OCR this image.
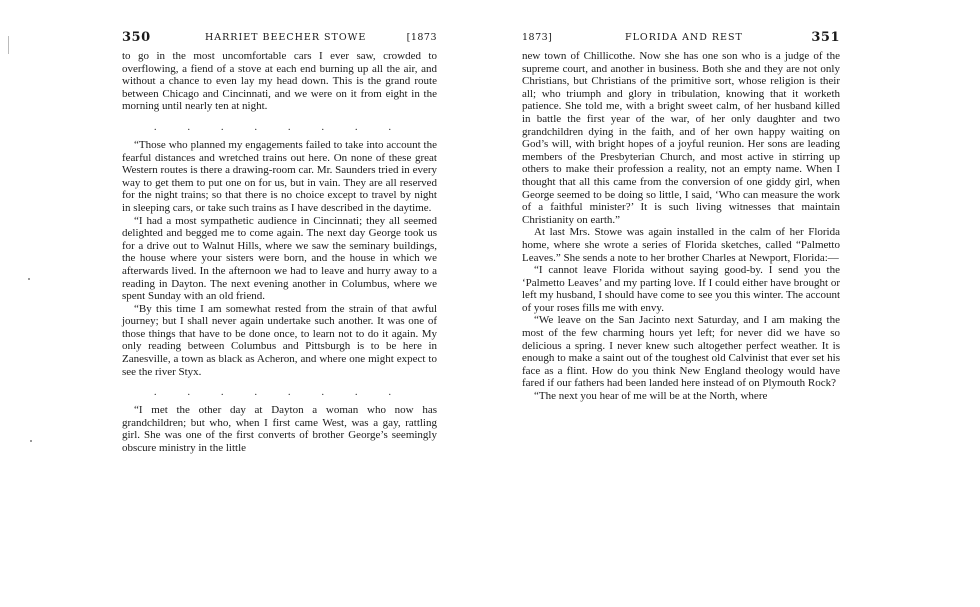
350	HARRIET BEECHER STOWE	[1873

to go in the most uncomfortable cars I ever saw, crowded to overflowing, a fiend of a stove at each end burning up all the air, and without a chance to even lay my head down. This is the grand route between Chicago and Cincinnati, and we were on it from eight in the morning until nearly ten at night.

. . . . . . . .

“Those who planned my engagements failed to take into account the fearful distances and wretched trains out here. On none of these great Western routes is there a drawing-room car. Mr. Saunders tried in every way to get them to put one on for us, but in vain. They are all reserved for the night trains; so that there is no choice except to travel by night in sleeping cars, or take such trains as I have described in the daytime.

“I had a most sympathetic audience in Cincinnati; they all seemed delighted and begged me to come again. The next day George took us for a drive out to Walnut Hills, where we saw the seminary buildings, the house where your sisters were born, and the house in which we afterwards lived. In the afternoon we had to leave and hurry away to a reading in Dayton. The next evening another in Columbus, where we spent Sunday with an old friend.

“By this time I am somewhat rested from the strain of that awful journey; but I shall never again undertake such another. It was one of those things that have to be done once, to learn not to do it again. My only reading between Columbus and Pittsburgh is to be here in Zanesville, a town as black as Acheron, and where one might expect to see the river Styx.

. . . . . . . .

“I met the other day at Dayton a woman who now has grandchildren; but who, when I first came West, was a gay, rattling girl. She was one of the first converts of brother George’s seemingly obscure ministry in the little

1873]	FLORIDA AND REST	351

new town of Chillicothe. Now she has one son who is a judge of the supreme court, and another in business. Both she and they are not only Christians, but Christians of the primitive sort, whose religion is their all; who triumph and glory in tribulation, knowing that it worketh patience. She told me, with a bright sweet calm, of her husband killed in battle the first year of the war, of her only daughter and two grandchildren dying in the faith, and of her own happy waiting on God’s will, with bright hopes of a joyful reunion. Her sons are leading members of the Presbyterian Church, and most active in stirring up others to make their profession a reality, not an empty name. When I thought that all this came from the conversion of one giddy girl, when George seemed to be doing so little, I said, ‘Who can measure the work of a faithful minister?’ It is such living witnesses that maintain Christianity on earth.”

At last Mrs. Stowe was again installed in the calm of her Florida home, where she wrote a series of Florida sketches, called “Palmetto Leaves.” She sends a note to her brother Charles at Newport, Florida:—

“I cannot leave Florida without saying good-by. I send you the ‘Palmetto Leaves’ and my parting love. If I could either have brought or left my husband, I should have come to see you this winter. The account of your roses fills me with envy.

“We leave on the San Jacinto next Saturday, and I am making the most of the few charming hours yet left; for never did we have so delicious a spring. I never knew such altogether perfect weather. It is enough to make a saint out of the toughest old Calvinist that ever set his face as a flint. How do you think New England theology would have fared if our fathers had been landed here instead of on Plymouth Rock?

“The next you hear of me will be at the North, where
